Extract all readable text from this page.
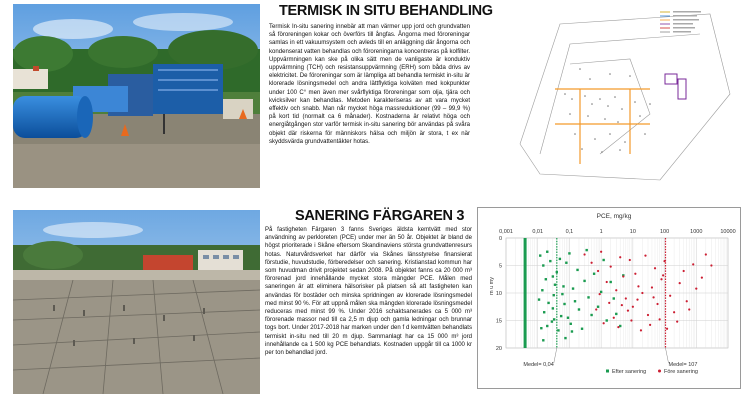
TERMISK IN SITU BEHANDLING
Termisk In-situ sanering innebär att man värmer upp jord och grundvatten så föroreningen kokar och överförs till ångfas. Ångorna med föroreningar samlas in ett vakuumsystem och avleds till en anläggning där ångorna och kondenserat vatten behandlas och föroreningarna koncentreras på kolfilter. Uppvärmningen kan ske på olika sätt men de vanligaste är konduktiv uppvärmning (TCH) och resistansuppvärmning (ERH) som båda drivs av elektricitet. De föroreningar som är lämpliga att behandla termiskt in-situ är klorerade lösningsmedel och andra lättflyktiga kolväten med kokpunkter under 100 C° men även mer svårflyktiga föroreningar som olja, tjära och kvicksilver kan behandlas. Metoden karakteriseras av att vara mycket effektiv och snabb. Man når mycket höga massreduktioner (99 – 99,9 %) på kort tid (normalt ca 6 månader). Kostnaderna är relativt höga och energiåtgången stor varför termisk in-situ sanering bör användas på svåra objekt där riskerna för människors hälsa och miljön är stora, t ex när skyddsvärda grundvattentäkter hotas.
SANERING FÄRGAREN 3
På fastigheten Färgaren 3 fanns Sveriges äldsta kemtvätt med stor användning av perkloreten (PCE) under mer än 50 år. Objektet är bland de högst prioriterade i Skåne eftersom Skandinaviens största grundvattenresurs hotas. Naturvårdsverket har därför via Skånes länsstyrelse finansierat förstudie, huvudstudie, förberedelser och sanering. Kristianstad kommun har som huvudman drivit projektet sedan 2008. På objektet fanns ca 20 000 m³ förorenad jord innehållande mycket stora mängder PCE. Målen med saneringen är att eliminera hälsorisker på platsen så att fastigheten kan användas för bostäder och minska spridningen av klorerade lösningsmedel med minst 90 %. För att uppnå målen ska mängden klorerade lösningsmedel reduceras med minst 99 %. Under 2016 schaktsanerades ca 5 000 m³ förorenade massor ned till ca 2,5 m djup och gamla ledningar och brunnar togs bort. Under 2017-2018 har marken under den f d kemtvätten behandlats termiskt in-situ ned till 20 m djup. Sammanlagt har ca 15 000 m³ jord innehållande ca 1 500 kg PCE behandlats. Kostnaden uppgår till ca 1000 kr per ton behandlad jord.
PCE, mg/kg
0,001	0,01	0,1	1	10	100	1000	10000
0
5
10
15
20
m u my
Medel= 0,04	Medel= 107
Efter sanering	Före sanering
